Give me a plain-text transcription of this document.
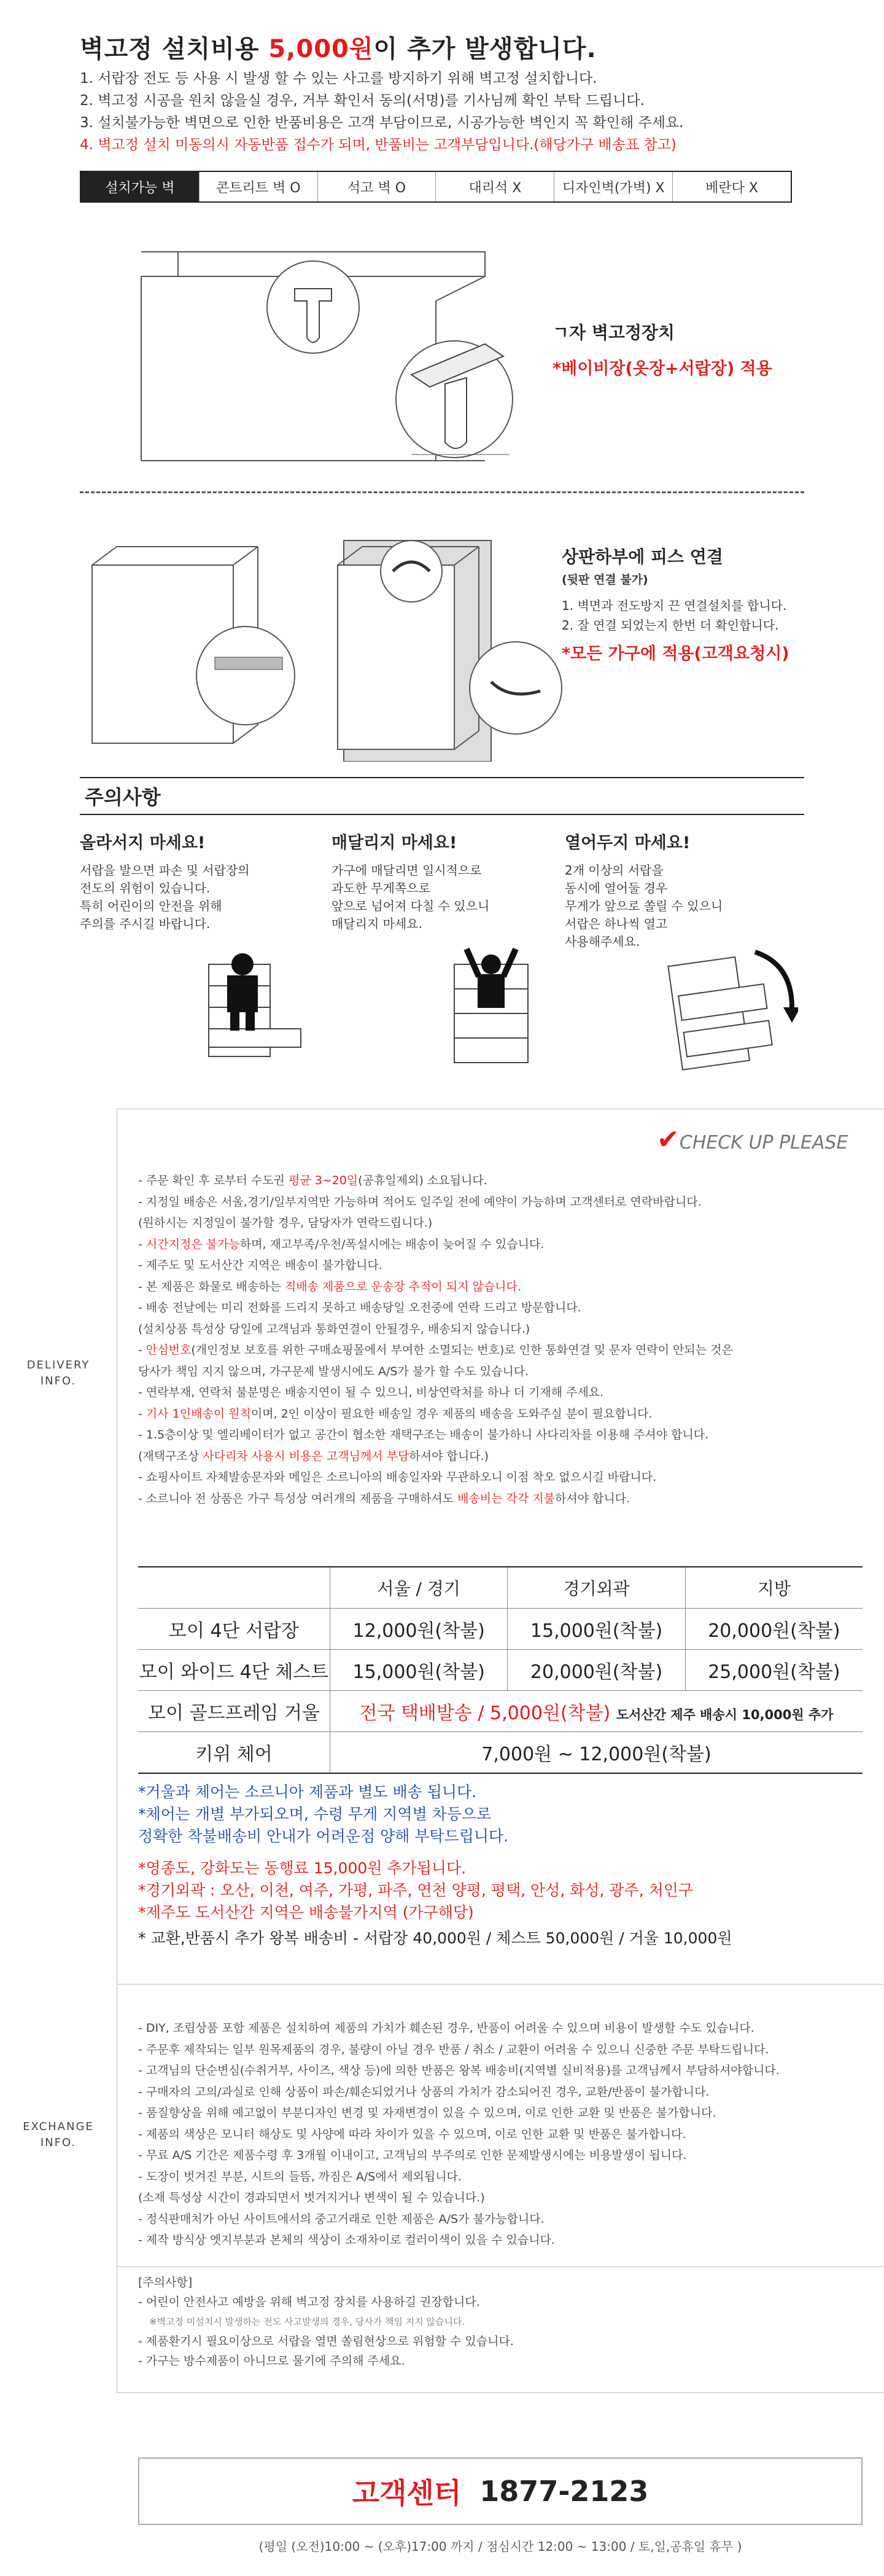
벽고정 설치비용 5,000원이 추가 발생합니다.
1. 서랍장 전도 등 사용 시 발생 할 수 있는 사고를 방지하기 위해 벽고정 설치합니다.
2. 벽고정 시공을 원치 않을실 경우, 거부 확인서 동의(서명)를 기사님께 확인 부탁 드립니다.
3. 설치불가능한 벽면으로 인한 반품비용은 고객 부담이므로, 시공가능한 벽인지 꼭 확인해 주세요.
4. 벽고정 설치 미동의시 자동반품 접수가 되며, 반품비는 고객부담입니다.(해당가구 배송표 참고)
설치가능 벽	콘트리트 벽 O	석고 벽 O	대리석 X	디자인벽(가벽) X	베란다 X
ㄱ자 벽고정장치
*베이비장(옷장+서랍장) 적용
상판하부에 피스 연결
(뒷판 연결 불가)
1. 벽면과 전도방지 끈 연결설치를 합니다.
2. 잘 연결 되었는지 한번 더 확인합니다.
*모든 가구에 적용(고객요청시)
주의사항
올라서지 마세요!
서랍을 발으면 파손 및 서랍장의
전도의 위험이 있습니다.
특히 어린이의 안전을 위해
주의를 주시길 바랍니다.
매달리지 마세요!
가구에 매달리면 일시적으로
과도한 무게쪽으로
앞으로 넘어져 다칠 수 있으니
매달리지 마세요.
열어두지 마세요!
2개 이상의 서랍을
동시에 열어둘 경우
무게가 앞으로 쏠릴 수 있으니
서랍은 하나씩 열고
사용해주세요.
✔CHECK UP PLEASE
DELIVERY
INFO.
- 주문 확인 후 로부터 수도권 평균 3~20일(공휴일제외) 소요됩니다.
- 지정일 배송은 서울,경기/일부지역만 가능하며 적어도 일주일 전에 예약이 가능하며 고객센터로 연락바랍니다.
(원하시는 지정일이 불가할 경우, 담당자가 연락드립니다.)
- 시간지정은 불가능하며, 재고부족/우천/폭설시에는 배송이 늦어질 수 있습니다.
- 제주도 및 도서산간 지역은 배송이 불가합니다.
- 본 제품은 화물로 배송하는 직배송 제품으로 운송장 추적이 되지 않습니다.
- 배송 전날에는 미리 전화를 드리지 못하고 배송당일 오전중에 연락 드리고 방문합니다.
(설치상품 특성상 당일에 고객님과 통화연결이 안될경우, 배송되지 않습니다.)
- 안심번호(개인정보 보호를 위한 구매쇼핑몰에서 부여한 소멸되는 번호)로 인한 통화연결 및 문자 연락이 안되는 것은
당사가 책임 지지 않으며, 가구문제 발생시에도 A/S가 불가 할 수도 있습니다.
- 연락부재, 연락처 불분명은 배송지연이 될 수 있으니, 비상연락처를 하나 더 기재해 주세요.
- 기사 1인배송이 원칙이며, 2인 이상이 필요한 배송일 경우 제품의 배송을 도와주실 분이 필요합니다.
- 1.5층이상 및 엘리베이터가 없고 공간이 협소한 재택구조는 배송이 불가하니 사다리차를 이용해 주셔야 합니다.
(재택구조상 사다리차 사용시 비용은 고객님께서 부담하셔야 합니다.)
- 쇼핑사이트 자체발송문자와 메일은 소르니아의 배송일자와 무관하오니 이점 착오 없으시길 바랍니다.
- 소르니아 전 상품은 가구 특성상 여러개의 제품을 구매하셔도 배송비는 각각 지불하셔야 합니다.
	서울 / 경기	경기외곽	지방
모이 4단 서랍장	12,000원(착불)	15,000원(착불)	20,000원(착불)
모이 와이드 4단 체스트	15,000원(착불)	20,000원(착불)	25,000원(착불)
모이 골드프레임 거울	전국 택배발송 / 5,000원(착불) 도서산간 제주 배송시 10,000원 추가		
키위 체어	7,000원 ~ 12,000원(착불)		
*거울과 체어는 소르니아 제품과 별도 배송 됩니다.
*체어는 개별 부가되오며, 수령 무게 지역별 차등으로
정확한 착불배송비 안내가 어려운점 양해 부탁드립니다.
*영종도, 강화도는 동행료 15,000원 추가됩니다.
*경기외곽 : 오산, 이천, 여주, 가평, 파주, 연천 양평, 평택, 안성, 화성, 광주, 처인구
*제주도 도서산간 지역은 배송불가지역 (가구해당)
* 교환,반품시 추가 왕복 배송비 - 서랍장 40,000원 / 체스트 50,000원 / 거울 10,000원
EXCHANGE
INFO.
- DIY, 조립상품 포함 제품은 설치하여 제품의 가치가 훼손된 경우, 반품이 어려울 수 있으며 비용이 발생할 수도 있습니다.
- 주문후 제작되는 일부 원목제품의 경우, 불량이 아닐 경우 반품 / 취소 / 교환이 어려울 수 있으니 신중한 주문 부탁드립니다.
- 고객님의 단순변심(수취거부, 사이즈, 색상 등)에 의한 반품은 왕복 배송비(지역별 실비적용)를 고객님께서 부담하셔야합니다.
- 구매자의 고의/과실로 인해 상품이 파손/훼손되었거나 상품의 가치가 감소되어진 경우, 교환/반품이 불가합니다.
- 품질향상을 위해 예고없이 부분디자인 변경 및 자재변경이 있을 수 있으며, 이로 인한 교환 및 반품은 불가합니다.
- 제품의 색상은 모니터 해상도 및 사양에 따라 차이가 있을 수 있으며, 이로 인한 교환 및 반품은 불가합니다.
- 무료 A/S 기간은 제품수령 후 3개월 이내이고, 고객님의 부주의로 인한 문제발생시에는 비용발생이 됩니다.
- 도장이 벗겨진 부분, 시트의 들뜸, 까짐은 A/S에서 제외됩니다.
(소재 특성상 시간이 경과되면서 벗겨지거나 변색이 될 수 있습니다.)
- 정식판매처가 아닌 사이트에서의 중고거래로 인한 제품은 A/S가 불가능합니다.
- 제작 방식상 엣지부분과 본체의 색상이 소재차이로 컬러이색이 있을 수 있습니다.
[주의사항]
- 어린이 안전사고 예방을 위해 벽고정 장치를 사용하길 권장합니다.
※벽고정 미설치시 발생하는 전도 사고발생의 경우, 당사가 책임 지지 않습니다.
- 제품환기시 필요이상으로 서랍을 열면 쏠림현상으로 위험할 수 있습니다.
- 가구는 방수제품이 아니므로 물기에 주의해 주세요.
고객센터 1877-2123
(평일 (오전)10:00 ~ (오후)17:00 까지 / 점심시간 12:00 ~ 13:00 / 토,일,공휴일 휴무 )
